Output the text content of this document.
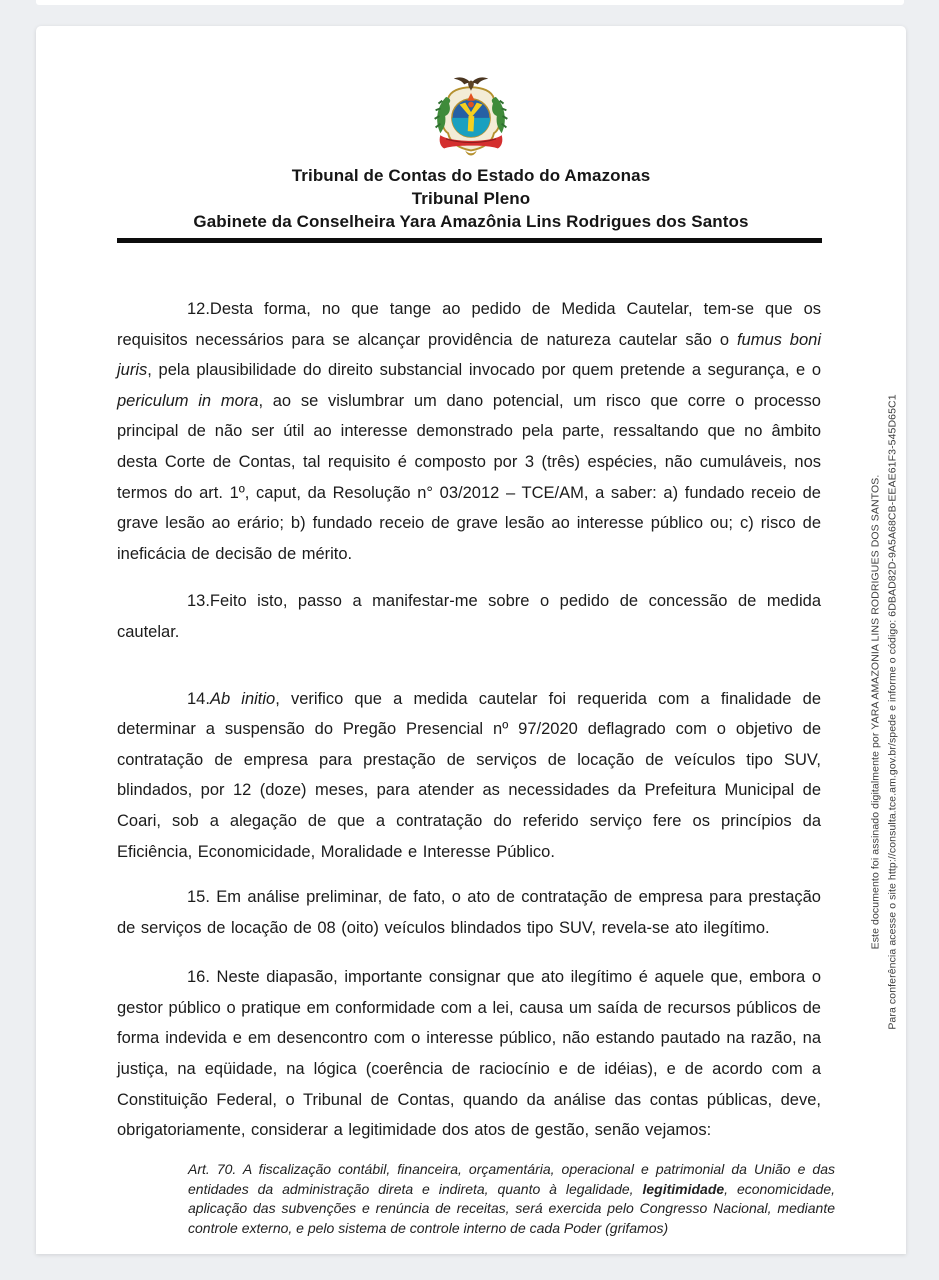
Tribunal de Contas do Estado do Amazonas
Tribunal Pleno
Gabinete da Conselheira Yara Amazônia Lins Rodrigues dos Santos

12.Desta forma, no que tange ao pedido de Medida Cautelar, tem-se que os requisitos necessários para se alcançar providência de natureza cautelar são o fumus boni juris, pela plausibilidade do direito substancial invocado por quem pretende a segurança, e o periculum in mora, ao se vislumbrar um dano potencial, um risco que corre o processo principal de não ser útil ao interesse demonstrado pela parte, ressaltando que no âmbito desta Corte de Contas, tal requisito é composto por 3 (três) espécies, não cumuláveis, nos termos do art. 1º, caput, da Resolução n° 03/2012 – TCE/AM, a saber: a) fundado receio de grave lesão ao erário; b) fundado receio de grave lesão ao interesse público ou; c) risco de ineficácia de decisão de mérito.

13.Feito isto, passo a manifestar-me sobre o pedido de concessão de medida cautelar.

14.Ab initio, verifico que a medida cautelar foi requerida com a finalidade de determinar a suspensão do Pregão Presencial nº 97/2020 deflagrado com o objetivo de contratação de empresa para prestação de serviços de locação de veículos tipo SUV, blindados, por 12 (doze) meses, para atender as necessidades da Prefeitura Municipal de Coari, sob a alegação de que a contratação do referido serviço fere os princípios da Eficiência, Economicidade, Moralidade e Interesse Público.

15. Em análise preliminar, de fato, o ato de contratação de empresa para prestação de serviços de locação de 08 (oito) veículos blindados tipo SUV, revela-se ato ilegítimo.

16. Neste diapasão, importante consignar que ato ilegítimo é aquele que, embora o gestor público o pratique em conformidade com a lei, causa um saída de recursos públicos de forma indevida e em desencontro com o interesse público, não estando pautado na razão, na justiça, na eqüidade, na lógica (coerência de raciocínio e de idéias), e de acordo com a Constituição Federal, o Tribunal de Contas, quando da análise das contas públicas, deve, obrigatoriamente, considerar a legitimidade dos atos de gestão, senão vejamos:

Art. 70. A fiscalização contábil, financeira, orçamentária, operacional e patrimonial da União e das entidades da administração direta e indireta, quanto à legalidade, legitimidade, economicidade, aplicação das subvenções e renúncia de receitas, será exercida pelo Congresso Nacional, mediante controle externo, e pelo sistema de controle interno de cada Poder (grifamos)
Este documento foi assinado digitalmente por YARA AMAZONIA LINS RODRIGUES DOS SANTOS. Para conferência acesse o site http://consulta.tce.am.gov.br/spede e informe o código: 6DBAD82D-9A5A68CB-EEAE61F3-545D65C1
